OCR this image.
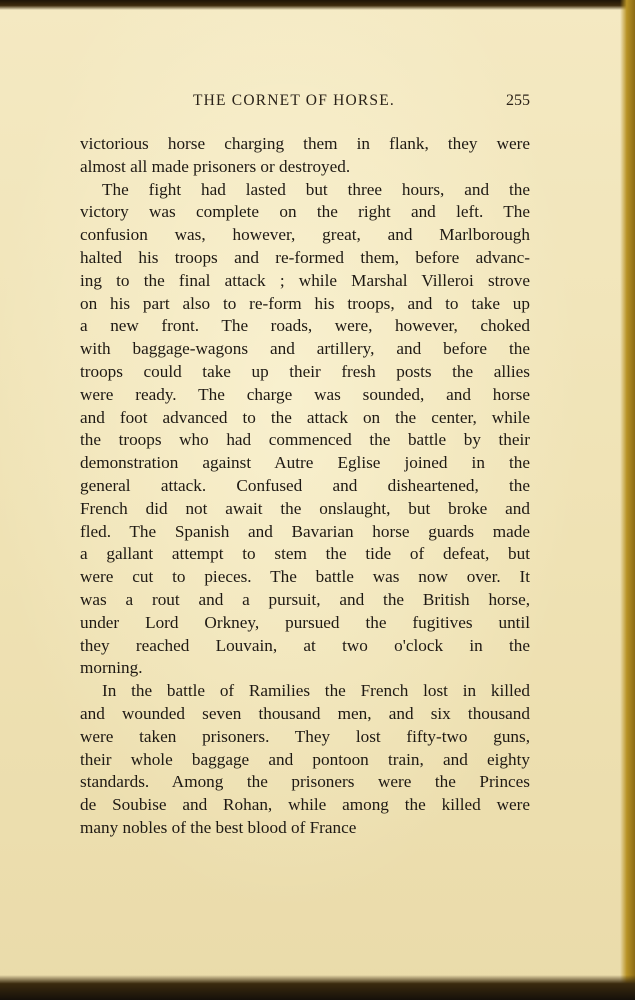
THE CORNET OF HORSE.	255
victorious horse charging them in flank, they were
almost all made prisoners or destroyed.
The fight had lasted but three hours, and the
victory was complete on the right and left. The
confusion was, however, great, and Marlborough
halted his troops and re-formed them, before advanc-
ing to the final attack ; while Marshal Villeroi strove
on his part also to re-form his troops, and to take up
a new front. The roads, were, however, choked
with baggage-wagons and artillery, and before the
troops could take up their fresh posts the allies
were ready. The charge was sounded, and horse
and foot advanced to the attack on the center, while
the troops who had commenced the battle by their
demonstration against Autre Eglise joined in the
general attack. Confused and disheartened, the
French did not await the onslaught, but broke and
fled. The Spanish and Bavarian horse guards made
a gallant attempt to stem the tide of defeat, but
were cut to pieces. The battle was now over. It
was a rout and a pursuit, and the British horse,
under Lord Orkney, pursued the fugitives until
they reached Louvain, at two o'clock in the
morning.
In the battle of Ramilies the French lost in killed
and wounded seven thousand men, and six thousand
were taken prisoners. They lost fifty-two guns,
their whole baggage and pontoon train, and eighty
standards. Among the prisoners were the Princes
de Soubise and Rohan, while among the killed were
many nobles of the best blood of France
